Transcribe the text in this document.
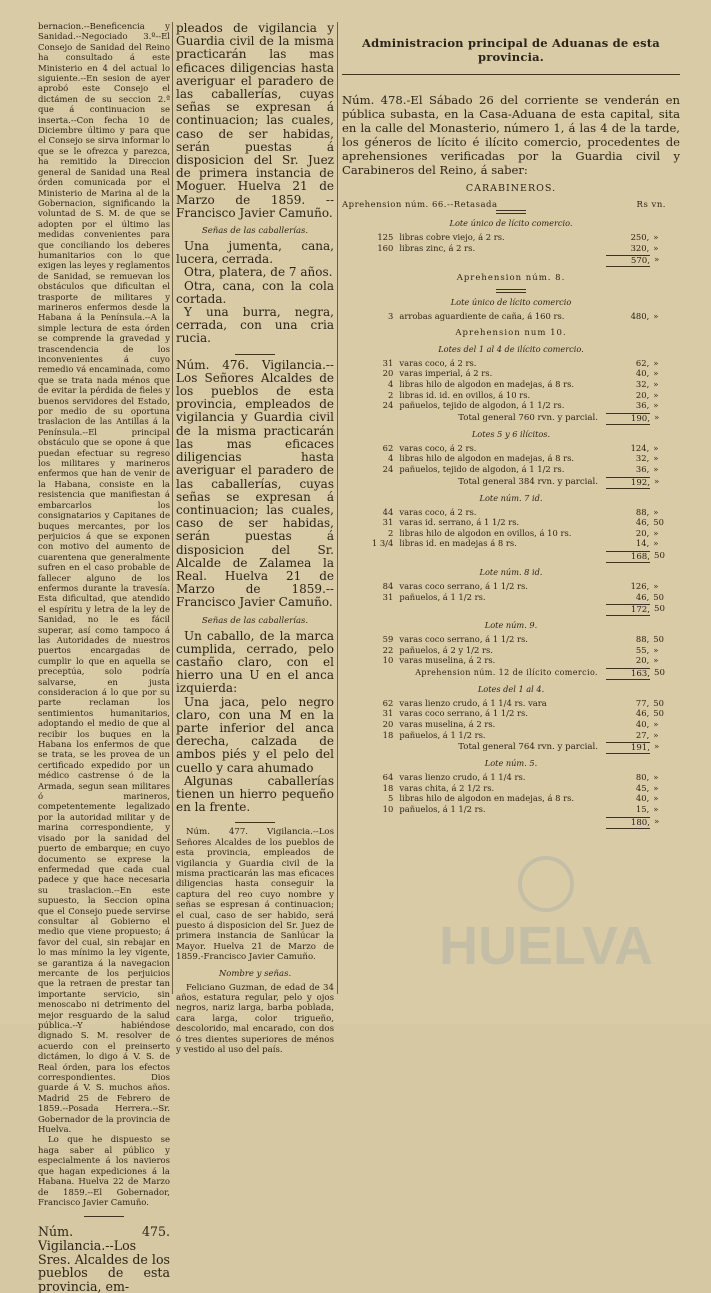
bernacion.--Beneficencia y Sanidad.--Negociado 3.º--El Consejo de Sanidad del Reino ha consultado á este Ministerio en 4 del actual lo siguiente.--En sesion de ayer aprobó este Consejo el dictámen de su seccion 2.ª que á continuacion se inserta.--Con fecha 10 de Diciembre último y para que el Consejo se sirva informar lo que se le ofrezca y parezca, ha remitido la Direccion general de Sanidad una Real órden comunicada por el Ministerio de Marina al de la Gobernacion, significando la voluntad de S. M. de que se adopten por el último las medidas convenientes para que conciliando los deberes humanitarios con lo que exigen las leyes y reglamentos de Sanidad, se remuevan los obstáculos que dificultan el trasporte de militares y marineros enfermos desde la Habana á la Península.--A la simple lectura de esta órden se comprende la gravedad y trascendencia de los inconvenientes á cuyo remedio vá encaminada, como que se trata nada ménos que de evitar la pérdida de fieles y buenos servidores del Estado, por medio de su oportuna traslacion de las Antillas á la Península.--El principal obstáculo que se opone á que puedan efectuar su regreso los militares y marineros enfermos que han de venir de la Habana, consiste en la resistencia que manifiestan á embarcarlos los consignatarios y Capitanes de buques mercantes, por los perjuicios á que se exponen con motivo del aumento de cuarentena que generalmente sufren en el caso probable de fallecer alguno de los enfermos durante la travesía. Esta dificultad, que atendido el espíritu y letra de la ley de Sanidad, no le es fácil superar, así como tampoco á las Autoridades de nuestros puertos encargadas de cumplir lo que en aquella se preceptúa, solo podría salvarse, en justa consideracion á lo que por su parte reclaman los sentimientos humanitarios, adoptando el medio de que al recibir los buques en la Habana los enfermos de que se trata, se les provea de un certificado expedido por un médico castrense ó de la Armada, segun sean militares ó marineros, competentemente legalizado por la autoridad militar y de marina correspondiente, y visado por la sanidad del puerto de embarque; en cuyo documento se exprese la enfermedad que cada cual padece y que hace necesaria su traslacion.--En este supuesto, la Seccion opina que el Consejo puede servirse consultar al Gobierno el medio que viene propuesto; á favor del cual, sin rebajar en lo mas mínimo la ley vigente, se garantiza á la navegacion mercante de los perjuicios que la retraen de prestar tan importante servicio, sin menoscabo ni detrimento del mejor resguardo de la salud pública.--Y habiéndose dignado S. M. resolver de acuerdo con el preinserto dictámen, lo digo á V. S. de Real órden, para los efectos correspondientes. Dios guarde á V. S. muchos años. Madrid 25 de Febrero de 1859.--Posada Herrera.--Sr. Gobernador de la provincia de Huelva.

Lo que he dispuesto se haga saber al público y especialmente á los navieros que hagan expediciones á la Habana. Huelva 22 de Marzo de 1859.--El Gobernador, Francisco Javier Camuño.

Núm. 475. Vigilancia.--Los Sres. Alcaldes de los pueblos de esta provincia, em-

pleados de vigilancia y Guardia civil de la misma practicarán las mas eficaces diligencias hasta averiguar el paradero de las caballerías, cuyas señas se expresan á continuacion; las cuales, caso de ser habidas, serán puestas á disposicion del Sr. Juez de primera instancia de Moguer. Huelva 21 de Marzo de 1859. --Francisco Javier Camuño.

Señas de las caballerías.

Una jumenta, cana, lucera, cerrada.

Otra, platera, de 7 años.

Otra, cana, con la cola cortada.

Y una burra, negra, cerrada, con una cria rucia.

Núm. 476. Vigilancia.--Los Señores Alcaldes de los pueblos de esta provincia, empleados de vigilancia y Guardia civil de la misma practicarán las mas eficaces diligencias hasta averiguar el paradero de las caballerías, cuyas señas se expresan á continuacion; las cuales, caso de ser habidas, serán puestas á disposicion del Sr. Alcalde de Zalamea la Real. Huelva 21 de Marzo de 1859.--Francisco Javier Camuño.

Señas de las caballerías.

Un caballo, de la marca cumplida, cerrado, pelo castaño claro, con el hierro una U en el anca izquierda:

Una jaca, pelo negro claro, con una M en la parte inferior del anca derecha, calzada de ambos piés y el pelo del cuello y cara ahumado

Algunas caballerías tienen un hierro pequeño en la frente.

Núm. 477. Vigilancia.--Los Señores Alcaldes de los pueblos de esta provincia, empleados de vigilancia y Guardia civil de la misma practicarán las mas eficaces diligencias hasta conseguir la captura del reo cuyo nombre y señas se espresan á continuacion; el cual, caso de ser habido, será puesto á disposicion del Sr. Juez de primera instancia de Sanlúcar la Mayor. Huelva 21 de Marzo de 1859.-Francisco Javier Camuño.

Nombre y señas.

Feliciano Guzman, de edad de 34 años, estatura regular, pelo y ojos negros, nariz larga, barba poblada, cara larga, color trigueño, descolorido, mal encarado, con dos ó tres dientes superiores de ménos y vestido al uso del país.

Administracion principal de Aduanas de esta provincia.

Núm. 478.-El Sábado 26 del corriente se venderán en pública subasta, en la Casa-Aduana de esta capital, sita en la calle del Monasterio, número 1, á las 4 de la tarde, los géneros de lícito é ilícito comercio, procedentes de aprehensiones verificadas por la Guardia civil y Carabineros del Reino, á saber:

CARABINEROS.
Aprehension núm. 66.--Retasada	Rs vn.
Lote único de lícito comercio.
125	libras cobre viejo, á 2 rs.	250,	»
160	libras zinc, á 2 rs.	320,	»
570, »
Aprehension núm. 8.
Lote único de lícito comercio
3	arrobas aguardiente de caña, á 160 rs.	480,	»
Aprehension num 10.
Lotes del 1 al 4 de ilícito comercio.
31	varas coco, á 2 rs.	62,	»
20	varas imperial, á 2 rs.	40,	»
4	libras hilo de algodon en madejas, á 8 rs.	32,	»
2	libras id. id. en ovillos, á 10 rs.	20,	»
24	pañuelos, tejido de algodon, á 1 1/2 rs.	36,	»
Total general 760 rvn. y parcial.	190, »
Lotes 5 y 6 ilícitos.
62	varas coco, á 2 rs.	124,	»
4	libras hilo de algodon en madejas, á 8 rs.	32,	»
24	pañuelos, tejido de algodon, á 1 1/2 rs.	36,	»
Total general 384 rvn. y parcial.	192, »
Lote núm. 7 id.
44	varas coco, á 2 rs.	88,	»
31	varas id. serrano, á 1 1/2 rs.	46,	50
2	libras hilo de algodon en ovillos, á 10 rs.	20,	»
1 3/4	libras id. en madejas á 8 rs.	14,	»
168, 50
Lote núm. 8 id.
84	varas coco serrano, á 1 1/2 rs.	126,	»
31	pañuelos, á 1 1/2 rs.	46,	50
172, 50
Lote núm. 9.
59	varas coco serrano, á 1 1/2 rs.	88,	50
22	pañuelos, á 2 y 1/2 rs.	55,	»
10	varas muselina, á 2 rs.	20,	»
Aprehension núm. 12 de ilícito comercio.	163, 50
Lotes del 1 al 4.
62	varas lienzo crudo, á 1 1/4 rs. vara	77,	50
31	varas coco serrano, á 1 1/2 rs.	46,	50
20	varas muselina, á 2 rs.	40,	»
18	pañuelos, á 1 1/2 rs.	27,	»
Total general 764 rvn. y parcial.	191, »
Lote núm. 5.
64	varas lienzo crudo, á 1 1/4 rs.	80,	»
18	varas chita, á 2 1/2 rs.	45,	»
5	libras hilo de algodon en madejas, á 8 rs.	40,	»
10	pañuelos, á 1 1/2 rs.	15,	»
180, »
HUELVA
